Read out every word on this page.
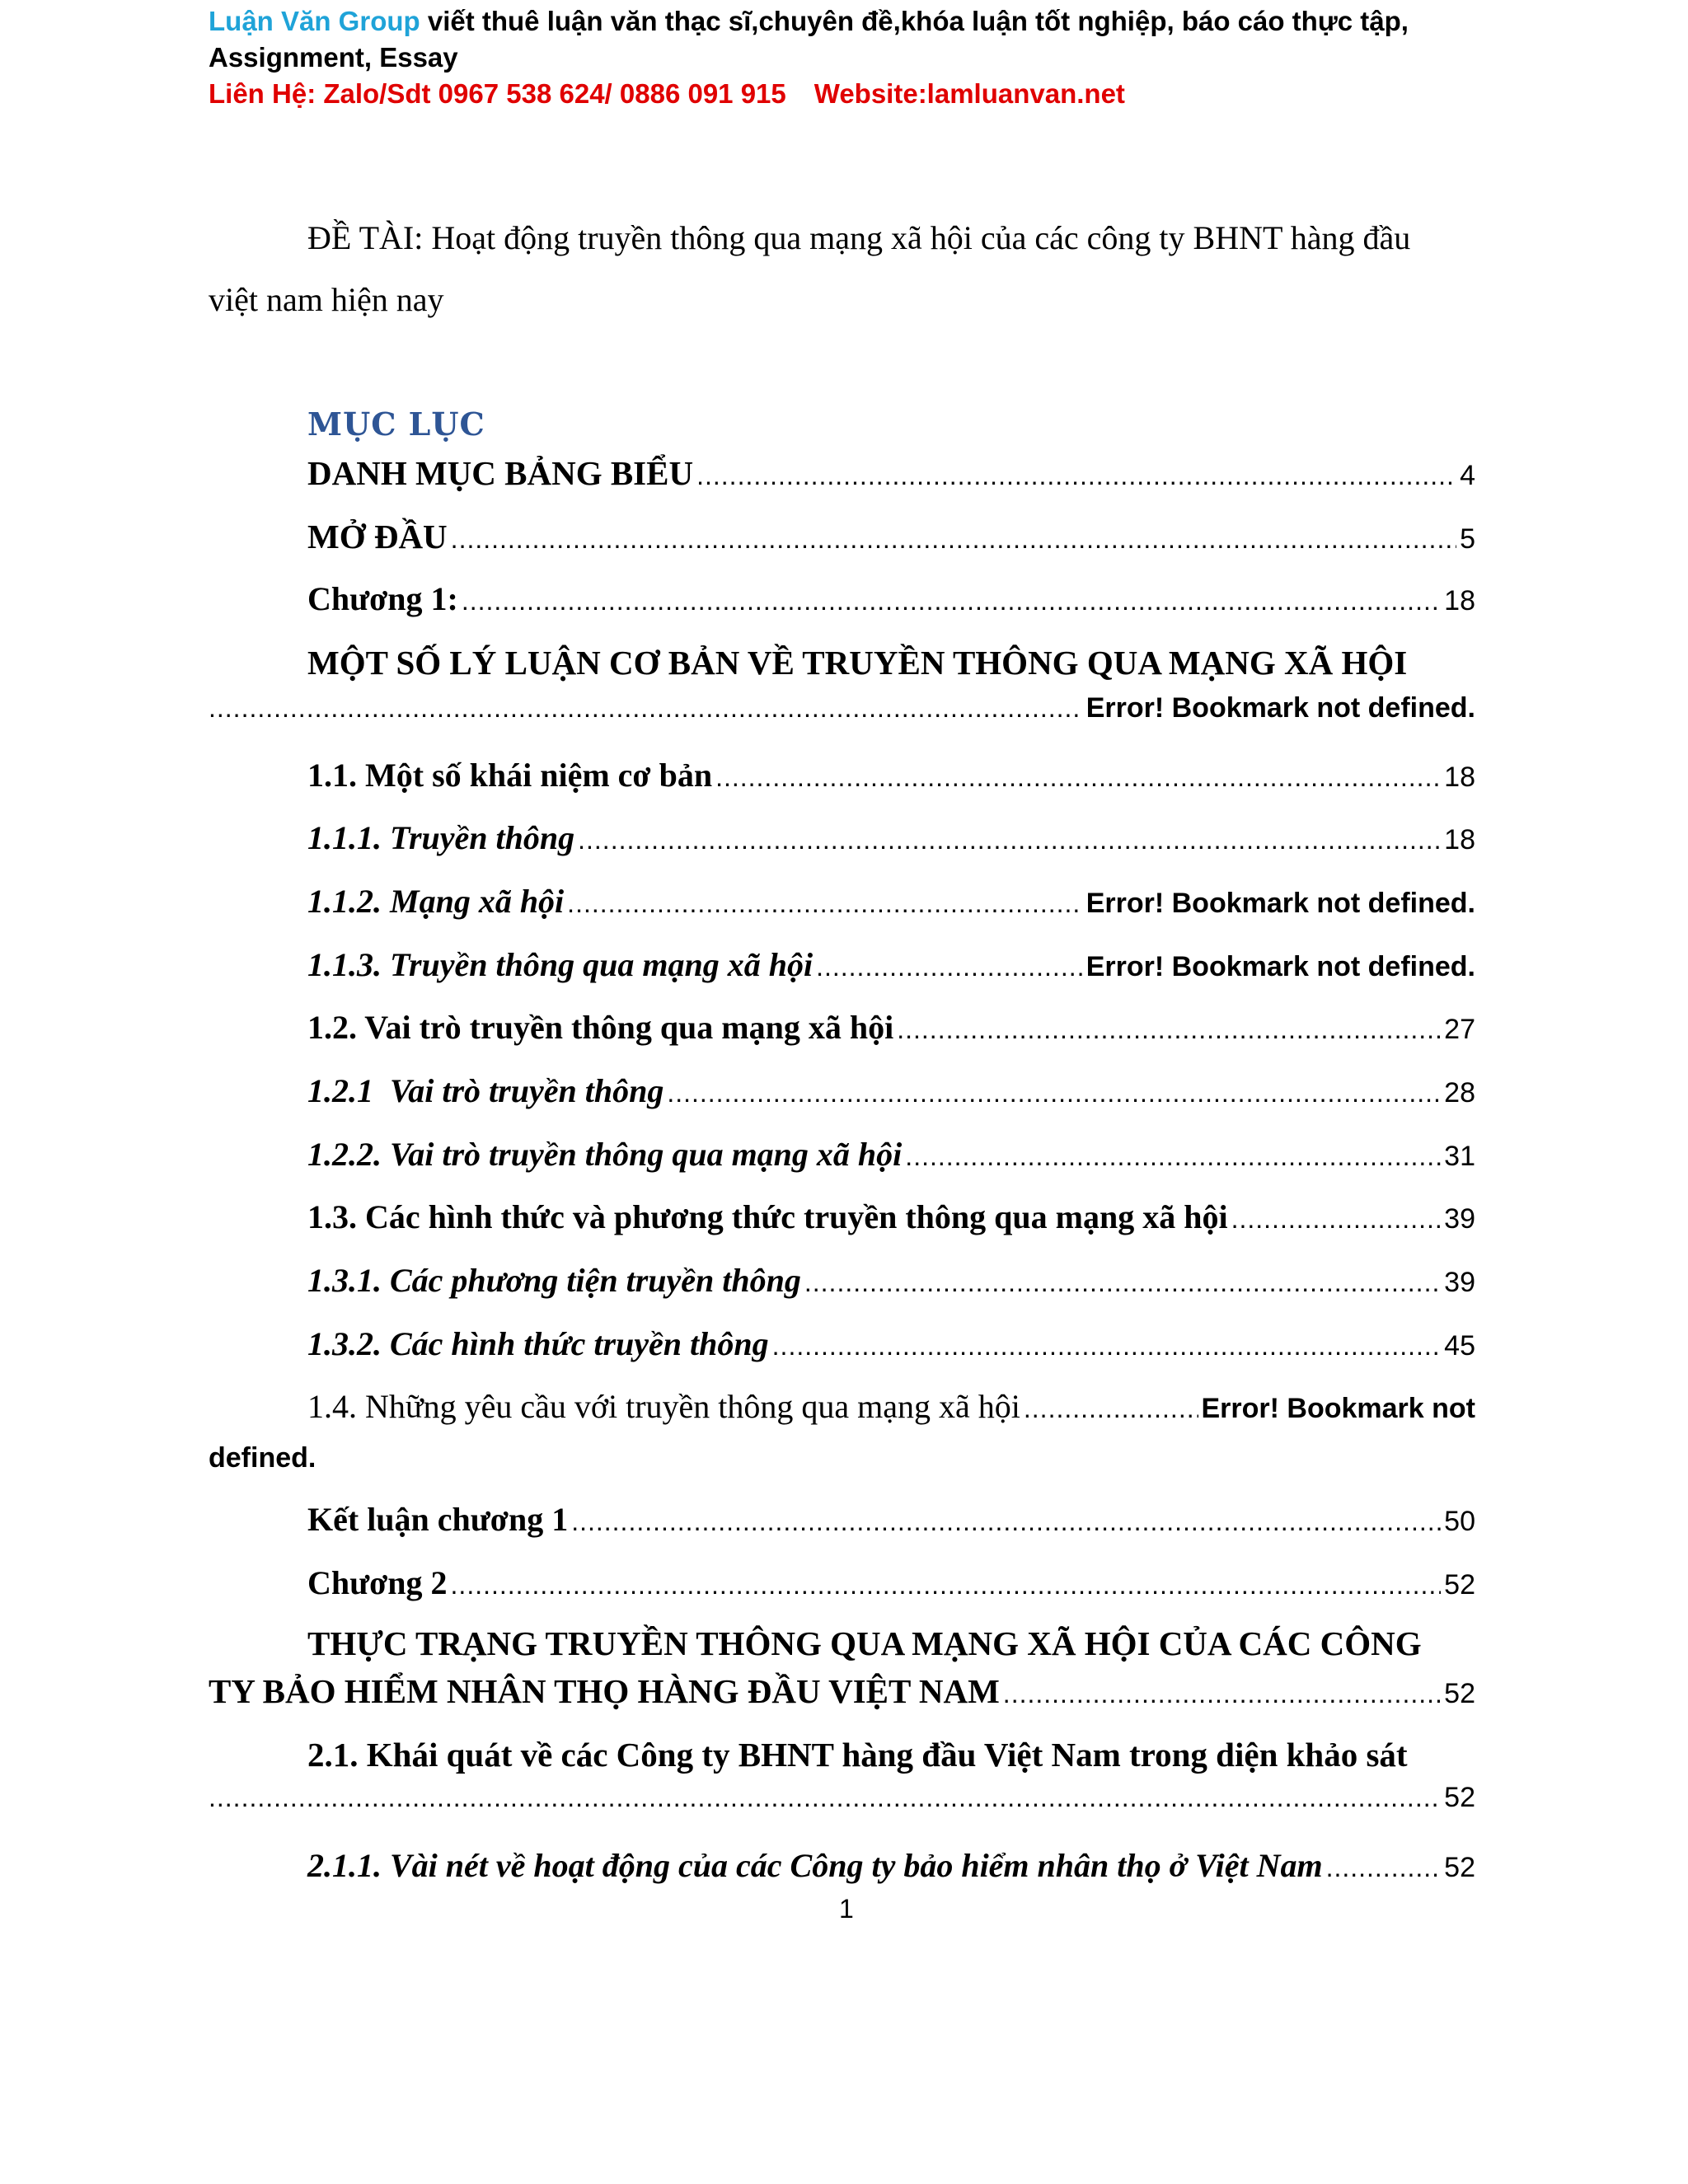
Luận Văn Group viết thuê luận văn thạc sĩ,chuyên đề,khóa luận tốt nghiệp, báo cáo thực tập,
Assignment, Essay
Liên Hệ: Zalo/Sdt 0967 538 624/ 0886 091 915 Website:lamluanvan.net
ĐỀ TÀI: Hoạt động truyền thông qua mạng xã hội của các công ty BHNT hàng đầu
việt nam hiện nay
MỤC LỤC
DANH MỤC BẢNG BIỂU .....	4
MỞ ĐẦU .....	5
Chương 1: .....	18
MỘT SỐ LÝ LUẬN CƠ BẢN VỀ TRUYỀN THÔNG QUA MẠNG XÃ HỘI
.....
Error! Bookmark not defined.
1.1. Một số khái niệm cơ bản .....	18
1.1.1. Truyền thông .....	18
1.1.2. Mạng xã hội .....	Error! Bookmark not defined.
1.1.3. Truyền thông qua mạng xã hội .....	Error! Bookmark not defined.
1.2. Vai trò truyền thông qua mạng xã hội .....	27
1.2.1  Vai trò truyền thông .....	28
1.2.2. Vai trò truyền thông qua mạng xã hội .....	31
1.3. Các hình thức và phương thức truyền thông qua mạng xã hội .....	39
1.3.1. Các phương tiện truyền thông .....	39
1.3.2. Các hình thức truyền thông .....	45
1.4. Những yêu cầu với truyền thông qua mạng xã hội .....	Error! Bookmark not
defined.
Kết luận chương 1 .....	50
Chương 2 .....	52
THỰC TRẠNG TRUYỀN THÔNG QUA MẠNG XÃ HỘI CỦA CÁC CÔNG
TY BẢO HIỂM NHÂN THỌ HÀNG ĐẦU VIỆT NAM .....	52
2.1. Khái quát về các Công ty BHNT hàng đầu Việt Nam trong diện khảo sát
.....
52
2.1.1. Vài nét về hoạt động của các Công ty bảo hiểm nhân thọ ở Việt Nam .....	52
1
